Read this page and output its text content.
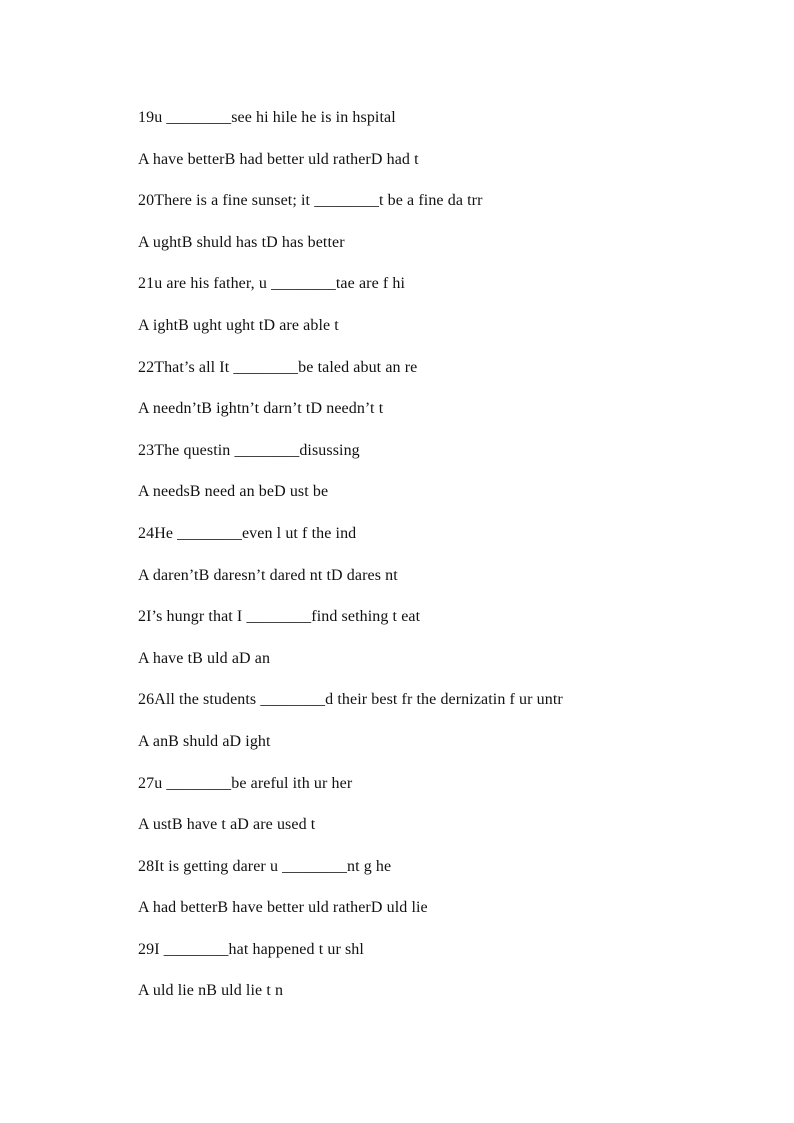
19u ________see hi hile he is in hspital
A have betterB had better uld ratherD had t
20There is a fine sunset; it ________t be a fine da trr
A ughtB shuld has tD has better
21u are his father, u ________tae are f hi
A ightB ught ught tD are able t
22That’s all It ________be taled abut an re
A needn’tB ightn’t darn’t tD needn’t t
23The questin ________disussing
A needsB need an beD ust be
24He ________even l ut f the ind
A daren’tB daresn’t dared nt tD dares nt
2I’s hungr that I ________find sething t eat
A have tB uld aD an
26All the students ________d their best fr the dernizatin f ur untr
A anB shuld aD ight
27u ________be areful ith ur her
A ustB have t aD are used t
28It is getting darer u ________nt g he
A had betterB have better uld ratherD uld lie
29I ________hat happened t ur shl
A uld lie nB uld lie t n
